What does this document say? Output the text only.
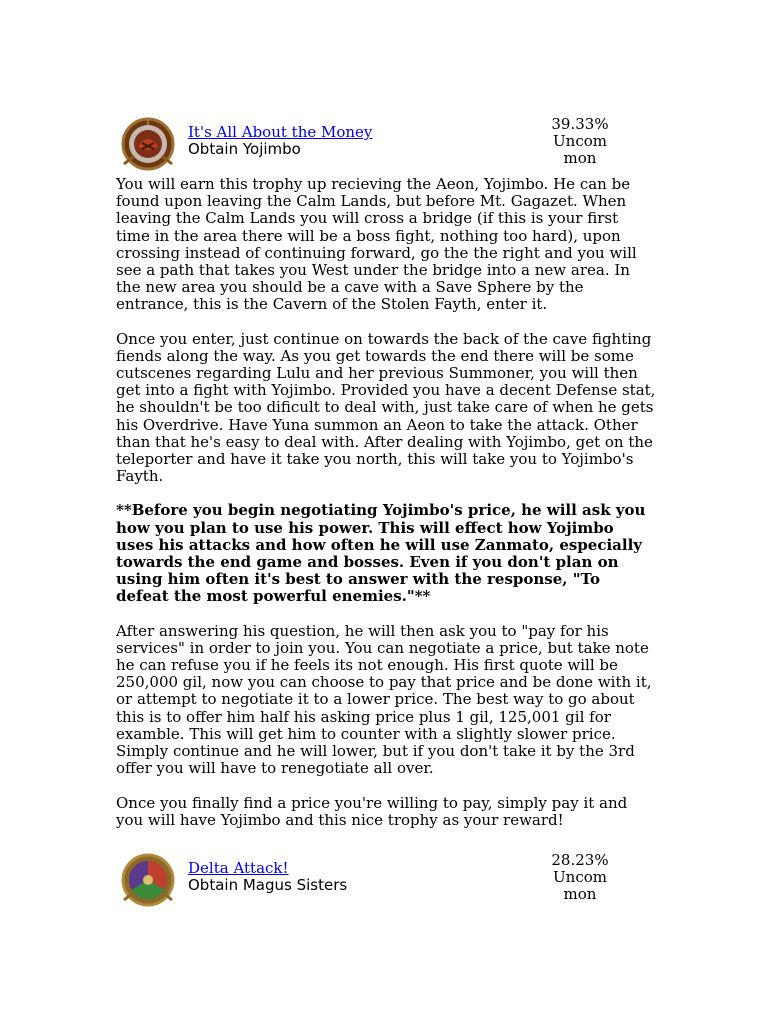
It's All About the Money
Obtain Yojimbo
39.33%
Uncom
mon

You will earn this trophy up recieving the Aeon, Yojimbo. He can be found upon leaving the Calm Lands, but before Mt. Gagazet. When leaving the Calm Lands you will cross a bridge (if this is your first time in the area there will be a boss fight, nothing too hard), upon crossing instead of continuing forward, go the the right and you will see a path that takes you West under the bridge into a new area. In the new area you should be a cave with a Save Sphere by the entrance, this is the Cavern of the Stolen Fayth, enter it.

Once you enter, just continue on towards the back of the cave fighting fiends along the way. As you get towards the end there will be some cutscenes regarding Lulu and her previous Summoner, you will then get into a fight with Yojimbo. Provided you have a decent Defense stat, he shouldn't be too dificult to deal with, just take care of when he gets his Overdrive. Have Yuna summon an Aeon to take the attack. Other than that he's easy to deal with. After dealing with Yojimbo, get on the teleporter and have it take you north, this will take you to Yojimbo's Fayth.

**Before you begin negotiating Yojimbo's price, he will ask you how you plan to use his power. This will effect how Yojimbo uses his attacks and how often he will use Zanmato, especially towards the end game and bosses. Even if you don't plan on using him often it's best to answer with the response, "To defeat the most powerful enemies."**

After answering his question, he will then ask you to "pay for his services" in order to join you. You can negotiate a price, but take note he can refuse you if he feels its not enough. His first quote will be 250,000 gil, now you can choose to pay that price and be done with it, or attempt to negotiate it to a lower price. The best way to go about this is to offer him half his asking price plus 1 gil, 125,001 gil for examble. This will get him to counter with a slightly slower price. Simply continue and he will lower, but if you don't take it by the 3rd offer you will have to renegotiate all over.

Once you finally find a price you're willing to pay, simply pay it and you will have Yojimbo and this nice trophy as your reward!

Delta Attack!
Obtain Magus Sisters
28.23%
Uncom
mon
